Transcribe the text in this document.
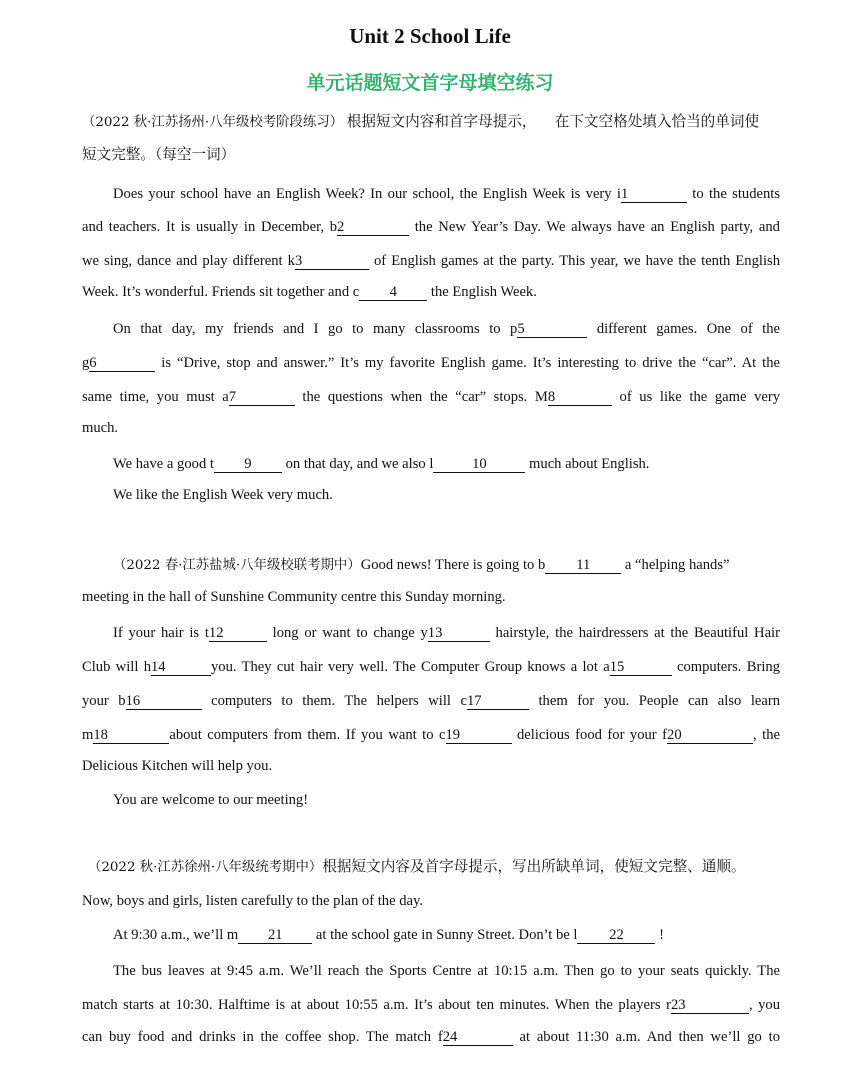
Unit 2 School Life
单元话题短文首字母填空练习
（2022 秋·江苏扬州·八年级校考阶段练习） 根据短文内容和首字母提示， 在下文空格处填入恰当的单词使
短文完整。（每空一词）
Does your school have an English Week? In our school, the English Week is very i1	to the students
and teachers. It is usually in December, b2	the New Year’s Day. We always have an English party, and
we sing, dance and play different k3	of English games at the party. This year, we have the tenth English
Week. It’s wonderful. Friends sit together and c 4 the English Week.
On that day, my friends and I go to many classrooms to p5	different games. One of the
g6	is “Drive, stop and answer.” It’s my favorite English game. It’s interesting to drive the “car”. At the
same time, you must a7	the questions when the “car” stops. M8	of us like the game very
much.
We have a good t 9 on that day, and we also l	10	much about English.
We like the English Week very much.
（2022 春·江苏盐城·八年级校联考期中）Good news! There is going to b 11 a “helping hands”
meeting in the hall of Sunshine Community centre this Sunday morning.
If your hair is t12	long or want to change y13	hairstyle, the hairdressers at the Beautiful Hair
Club will h14	you. They cut hair very well. The Computer Group knows a lot a15	computers. Bring
your b16	computers to them. The helpers will c17	them for you. People can also learn
m18	about computers from them. If you want to c19	delicious food for your f20	, the
Delicious Kitchen will help you.
You are welcome to our meeting!
（2022 秋·江苏徐州·八年级统考期中）根据短文内容及首字母提示，写出所缺单词，使短文完整、通顺。
Now, boys and girls, listen carefully to the plan of the day.
At 9:30 a.m., we’ll m 21 at the school gate in Sunny Street. Don’t be l 22 !
The bus leaves at 9:45 a.m. We’ll reach the Sports Centre at 10:15 a.m. Then go to your seats quickly. The
match starts at 10:30. Halftime is at about 10:55 a.m. It’s about ten minutes. When the players r23	, you
can buy food and drinks in the coffee shop. The match f24	at about 11:30 a.m. And then we’ll go to
